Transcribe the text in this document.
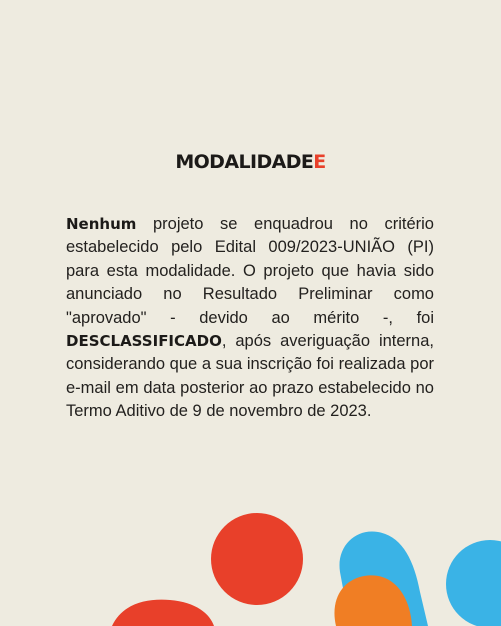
MODALIDADEE
Nenhum projeto se enquadrou no critério estabelecido pelo Edital 009/2023-UNIÃO (PI) para esta modalidade. O projeto que havia sido anunciado no Resultado Preliminar como "aprovado" - devido ao mérito -, foi DESCLASSIFICADO, após averiguação interna, considerando que a sua inscrição foi realizada por e-mail em data posterior ao prazo estabelecido no Termo Aditivo de 9 de novembro de 2023.
